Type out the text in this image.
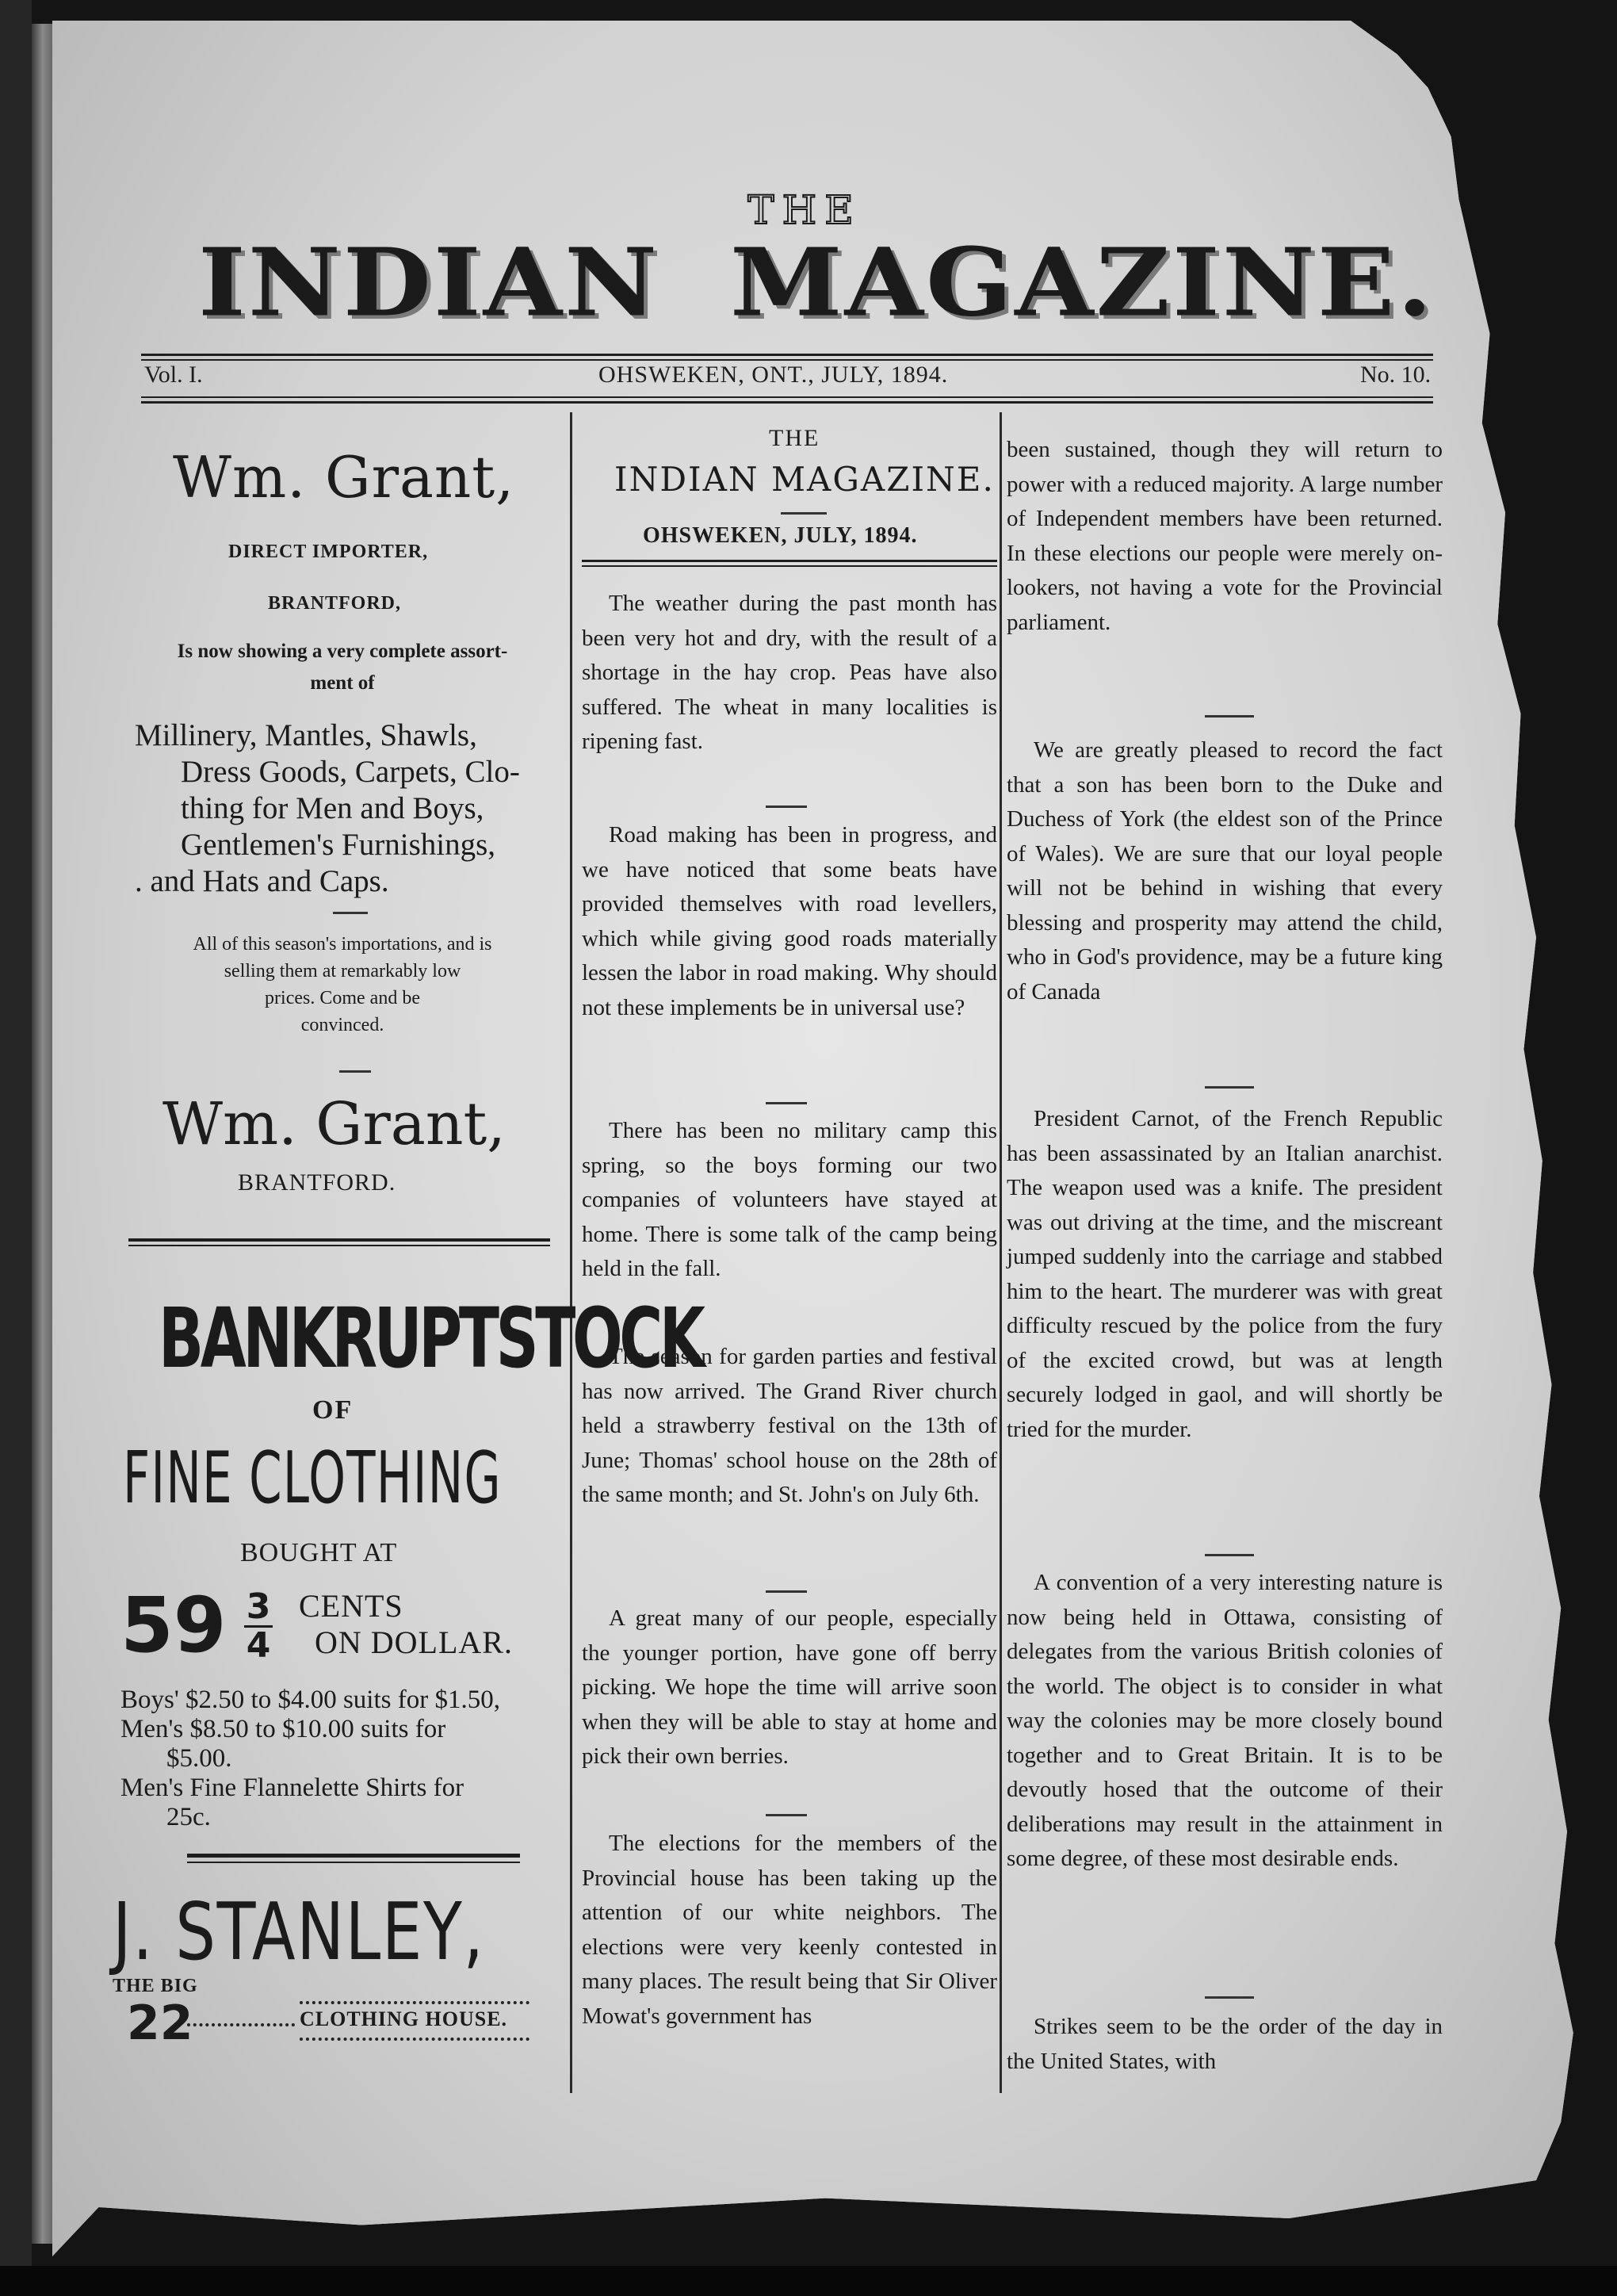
THE
INDIAN MAGAZINE.
Vol. I.	OHSWEKEN, ONT., JULY, 1894.	No. 10.
Wm. Grant,
DIRECT IMPORTER,
BRANTFORD,
Is now showing a very complete assort-
ment of

Millinery, Mantles, Shawls,

Dress Goods, Carpets, Clo-

thing for Men and Boys,

Gentlemen's Furnishings,

. and Hats and Caps.

All of this season's importations, and is
selling them at remarkably low
prices. Come and be
convinced.
Wm. Grant,
BRANTFORD.
BANKRUPT STOCK
OF
FINE CLOTHING
BOUGHT AT
59 3
4
CENTS
ON DOLLAR.

Boys' $2.50 to $4.00 suits for $1.50,

Men's $8.50 to $10.00 suits for

$5.00.

Men's Fine Flannelette Shirts for

25c.

J. STANLEY,
THE BIG
22	CLOTHING HOUSE.
THE
INDIAN MAGAZINE.
OHSWEKEN, JULY, 1894.

The weather during the past month has been very hot and dry, with the result of a shortage in the hay crop. Peas have also suffered. The wheat in many localities is ripening fast.

Road making has been in progress, and we have noticed that some beats have provided themselves with road levellers, which while giving good roads materially lessen the labor in road making. Why should not these implements be in universal use?

There has been no military camp this spring, so the boys forming our two companies of volunteers have stayed at home. There is some talk of the camp being held in the fall.

The season for garden parties and festival has now arrived. The Grand River church held a strawberry festival on the 13th of June; Thomas' school house on the 28th of the same month; and St. John's on July 6th.

A great many of our people, especially the younger portion, have gone off berry picking. We hope the time will arrive soon when they will be able to stay at home and pick their own berries.

The elections for the members of the Provincial house has been taking up the attention of our white neighbors. The elections were very keenly contested in many places. The result being that Sir Oliver Mowat's government has

been sustained, though they will return to power with a reduced majority. A large number of Independent members have been returned. In these elections our people were merely on-lookers, not having a vote for the Provincial parliament.

We are greatly pleased to record the fact that a son has been born to the Duke and Duchess of York (the eldest son of the Prince of Wales). We are sure that our loyal people will not be behind in wishing that every blessing and prosperity may attend the child, who in God's providence, may be a future king of Canada

President Carnot, of the French Republic has been assassinated by an Italian anarchist. The weapon used was a knife. The president was out driving at the time, and the miscreant jumped suddenly into the carriage and stabbed him to the heart. The murderer was with great difficulty rescued by the police from the fury of the excited crowd, but was at length securely lodged in gaol, and will shortly be tried for the murder.

A convention of a very interesting nature is now being held in Ottawa, consisting of delegates from the various British colonies of the world. The object is to consider in what way the colonies may be more closely bound together and to Great Britain. It is to be devoutly hosed that the outcome of their deliberations may result in the attainment in some degree, of these most desirable ends.

Strikes seem to be the order of the day in the United States, with
